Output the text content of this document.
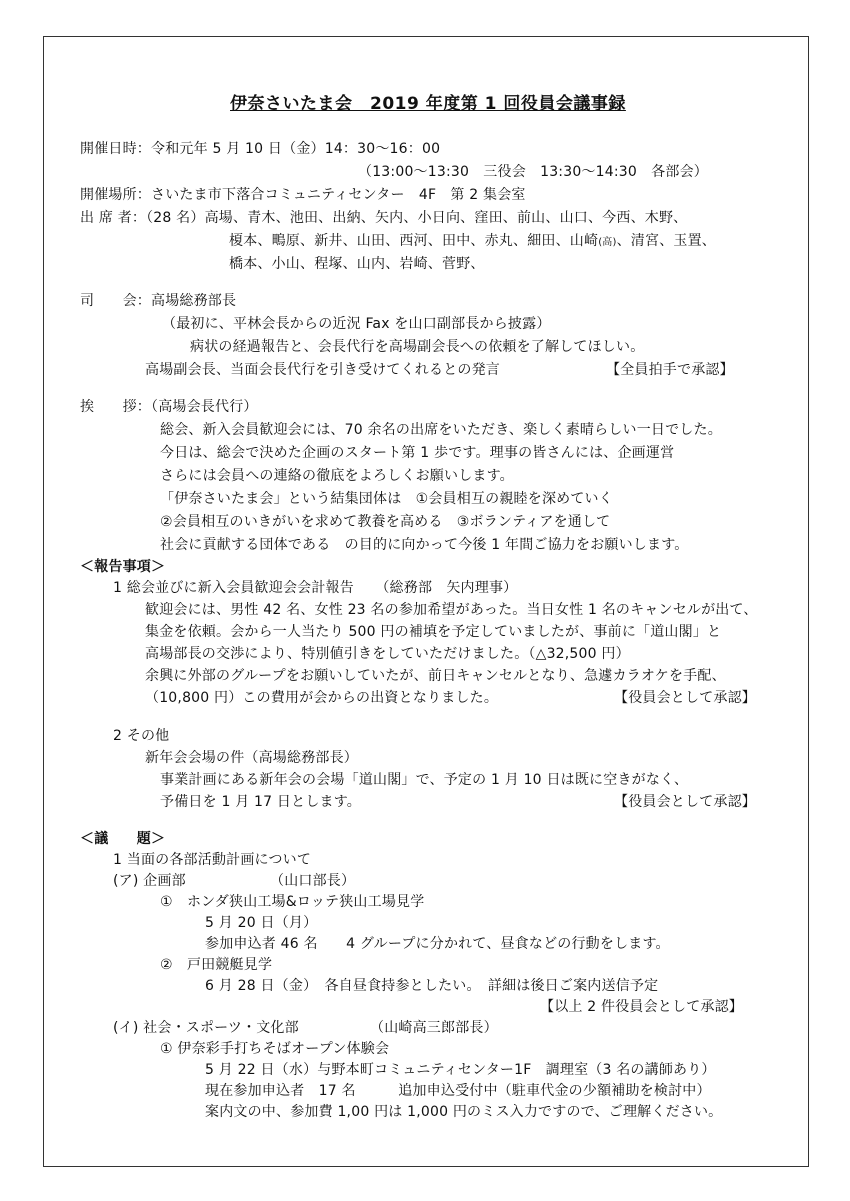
伊奈さいたま会　2019 年度第 1 回役員会議事録
開催日時：令和元年 5 月 10 日（金）14：30～16：00
（13:00～13:30　三役会　13:30～14:30　各部会）
開催場所：さいたま市下落合コミュニティセンター　4F　第 2 集会室
出 席 者：（28 名）高場、青木、池田、出納、矢内、小日向、窪田、前山、山口、今西、木野、
榎本、鴫原、新井、山田、西河、田中、赤丸、細田、山崎(高)、清宮、玉置、
橋本、小山、程塚、山内、岩崎、菅野、
司　　会：高場総務部長
（最初に、平林会長からの近況 Fax を山口副部長から披露）
病状の経過報告と、会長代行を高場副会長への依頼を了解してほしい。
高場副会長、当面会長代行を引き受けてくれるとの発言	【全員拍手で承認】
挨　　拶：（高場会長代行）
総会、新入会員歓迎会には、70 余名の出席をいただき、楽しく素晴らしい一日でした。
今日は、総会で決めた企画のスタート第 1 歩です。理事の皆さんには、企画運営
さらには会員への連絡の徹底をよろしくお願いします。
「伊奈さいたま会」という結集団体は　①会員相互の親睦を深めていく
②会員相互のいきがいを求めて教養を高める　③ボランティアを通して
社会に貢献する団体である　の目的に向かって今後 1 年間ご協力をお願いします。
＜報告事項＞
1 総会並びに新入会員歓迎会会計報告　　（総務部　矢内理事）
歓迎会には、男性 42 名、女性 23 名の参加希望があった。当日女性 1 名のキャンセルが出て、
集金を依頼。会から一人当たり 500 円の補填を予定していましたが、事前に「道山閣」と
高場部長の交渉により、特別値引きをしていただけました。（△32,500 円）
余興に外部のグループをお願いしていたが、前日キャンセルとなり、急遽カラオケを手配、
（10,800 円）この費用が会からの出資となりました。	【役員会として承認】
2 その他
新年会会場の件（高場総務部長）
事業計画にある新年会の会場「道山閣」で、予定の 1 月 10 日は既に空きがなく、
予備日を 1 月 17 日とします。	【役員会として承認】
＜議　　題＞
1 当面の各部活動計画について
(ア) 企画部	（山口部長）
①　ホンダ狭山工場&ロッテ狭山工場見学
5 月 20 日（月）
参加申込者 46 名　　4 グループに分かれて、昼食などの行動をします。
②　戸田競艇見学
6 月 28 日（金）　各自昼食持参としたい。　詳細は後日ご案内送信予定
【以上 2 件役員会として承認】
(イ) 社会・スポーツ・文化部	（山崎高三郎部長）
① 伊奈彩手打ちそばオープン体験会
5 月 22 日（水）与野本町コミュニティセンター1F　調理室（3 名の講師あり）
現在参加申込者　17 名　　　追加申込受付中（駐車代金の少額補助を検討中）
案内文の中、参加費 1,00 円は 1,000 円のミス入力ですので、ご理解ください。
